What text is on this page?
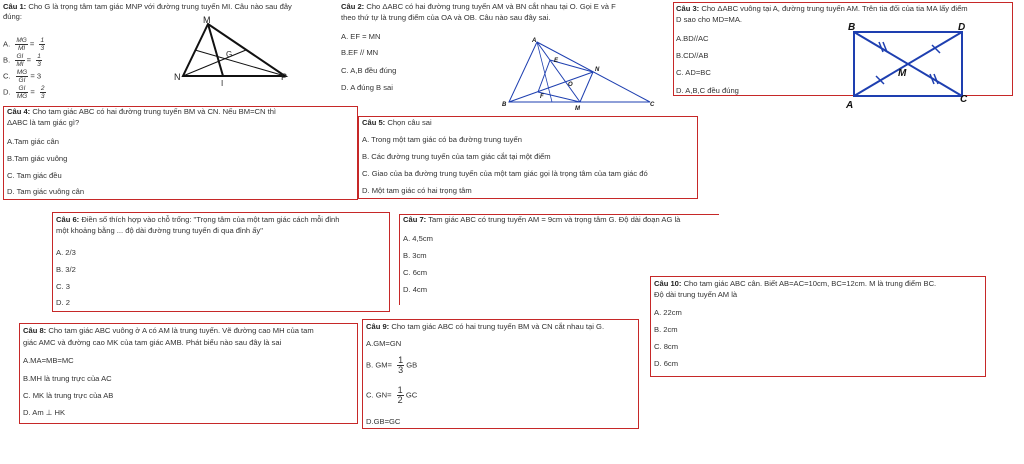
Câu 1: Cho G là trọng tâm tam giác MNP với đường trung tuyến MI. Câu nào sau đây
đúng:
A. $\frac{MG}{MI} = \frac{1}{3}$
B. $\frac{GI}{MI} = \frac{1}{3}$
C. $\frac{MG}{GI} = 3$
D. $\frac{GI}{MG} = \frac{2}{3}$
M
N	P
G
I
Câu 2: Cho ΔABC có hai đường trung tuyến AM và BN cắt nhau tại O. Gọi E và F
theo thứ tự là trung điểm của OA và OB. Câu nào sau đây sai.
A. EF = MN
B.EF // MN
C. A,B đều đúng
D. A đúng B sai
A
B	C
E
F
N
O
M
Câu 3: Cho ΔABC vuông tại A, đường trung tuyến AM. Trên tia đối của tia MA lấy điểm
D sao cho MD=MA.
A.BD//AC
B.CD//AB
C. AD=BC
D. A,B,C đều đúng
B	D
A
C
M
Câu 4: Cho tam giác ABC có hai đường trung tuyến BM và CN. Nếu BM=CN thì
ΔABC là tam giác gì?
A.Tam giác cân
B.Tam giác vuông
C. Tam giác đều
D. Tam giác vuông cân
Câu 5: Chọn câu sai
A. Trong một tam giác có ba đường trung tuyến
B. Các đường trung tuyến của tam giác cắt tại một điểm
C. Giao của ba đường trung tuyến của một tam giác gọi là trọng tâm của tam giác đó
D. Một tam giác có hai trọng tâm
Câu 6: Điền số thích hợp vào chỗ trống: "Trọng tâm của một tam giác cách mỗi đỉnh
một khoảng bằng ... độ dài đường trung tuyến đi qua đỉnh ấy"
A. 2/3
B. 3/2
C. 3
D. 2
Câu 7: Tam giác ABC có trung tuyến AM = 9cm và trọng tâm G. Độ dài đoạn AG là
A. 4,5cm
B. 3cm
C. 6cm
D. 4cm
Câu 10: Cho tam giác ABC cân. Biết AB=AC=10cm, BC=12cm. M là trung điểm BC.
Độ dài trung tuyến AM là
A. 22cm
B. 2cm
C. 8cm
D. 6cm
Câu 8: Cho tam giác ABC vuông ở A có AM là trung tuyến. Vẽ đường cao MH của tam
giác AMC và đường cao MK của tam giác AMB. Phát biểu nào sau đây là sai
A.MA=MB=MC
B.MH là trung trực của AC
C. MK là trung trực của AB
D. Am ⊥ HK
Câu 9: Cho tam giác ABC có hai trung tuyến BM và CN cắt nhau tại G.
A.GM=GN
B. $GM= \frac{1}{3}$ GB
C. $GN= \frac{1}{2}$ GC
D.GB=GC
